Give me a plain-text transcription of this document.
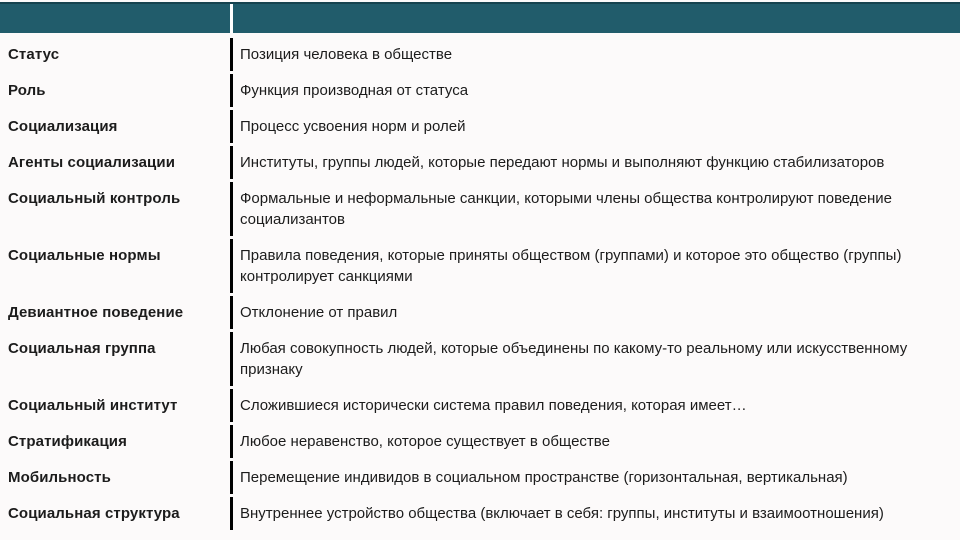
Статус	Позиция человека в обществе
Роль	Функция производная от статуса
Социализация	Процесс усвоения норм и ролей
Агенты социализации	Институты, группы людей, которые передают нормы и выполняют функцию стабилизаторов
Социальный контроль	Формальные и неформальные санкции, которыми члены общества контролируют поведение социализантов
Социальные нормы	Правила поведения, которые приняты обществом (группами) и которое это общество (группы) контролирует санкциями
Девиантное поведение	Отклонение от правил
Социальная группа	Любая совокупность людей, которые объединены по какому-то реальному или искусственному признаку
Социальный институт	Сложившиеся исторически система правил поведения, которая имеет…
Стратификация	Любое неравенство, которое существует в обществе
Мобильность	Перемещение индивидов в социальном пространстве (горизонтальная, вертикальная)
Социальная структура	Внутреннее устройство общества (включает в себя: группы, институты и взаимоотношения)
